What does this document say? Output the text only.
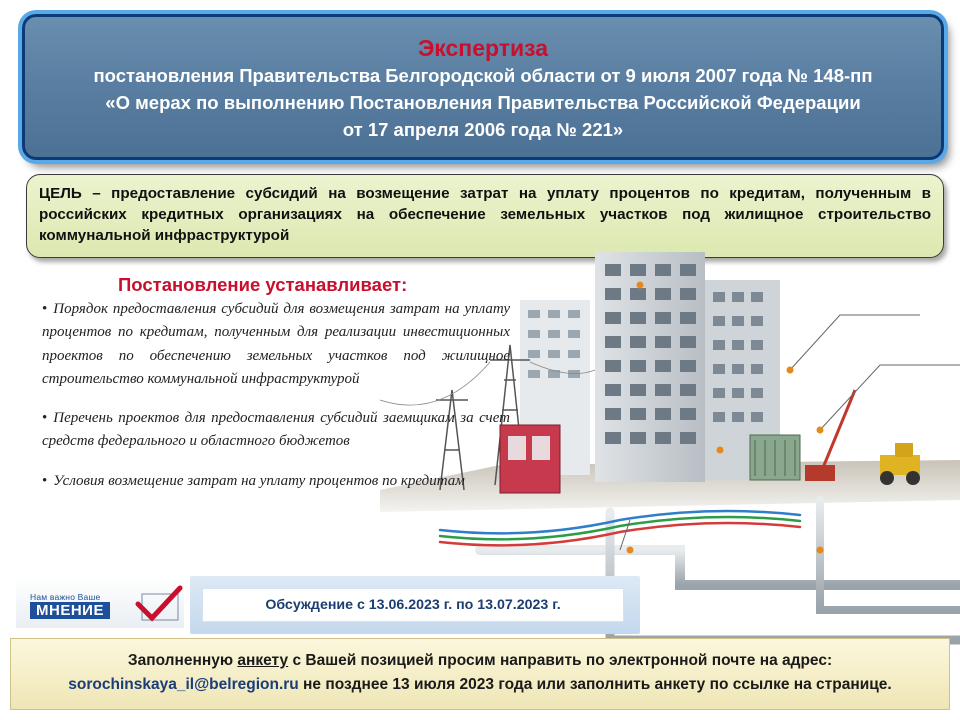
Экспертиза
постановления Правительства Белгородской области от 9 июля 2007 года № 148-пп
«О мерах по выполнению Постановления Правительства Российской Федерации
от 17 апреля 2006 года № 221»
ЦЕЛЬ – предоставление субсидий на возмещение затрат на уплату процентов по кредитам, полученным в российских кредитных организациях на обеспечение земельных участков под жилищное строительство коммунальной инфраструктурой
Постановление устанавливает:
• Порядок предоставления субсидий для возмещения затрат на уплату процентов по кредитам, полученным для реализации инвестиционных проектов по обеспечению земельных участков под жилищное строительство коммунальной инфраструктурой
• Перечень проектов для предоставления субсидий заемщикам за счет средств федерального и областного бюджетов
• Условия возмещение затрат на уплату процентов по кредитам
Нам важно Ваше
МНЕНИЕ	Обсуждение с 13.06.2023 г. по 13.07.2023 г.
Заполненную анкету с Вашей позицией просим направить по электронной почте на адрес:
sorochinskaya_il@belregion.ru не позднее 13 июля 2023 года или заполнить анкету по ссылке на странице.
